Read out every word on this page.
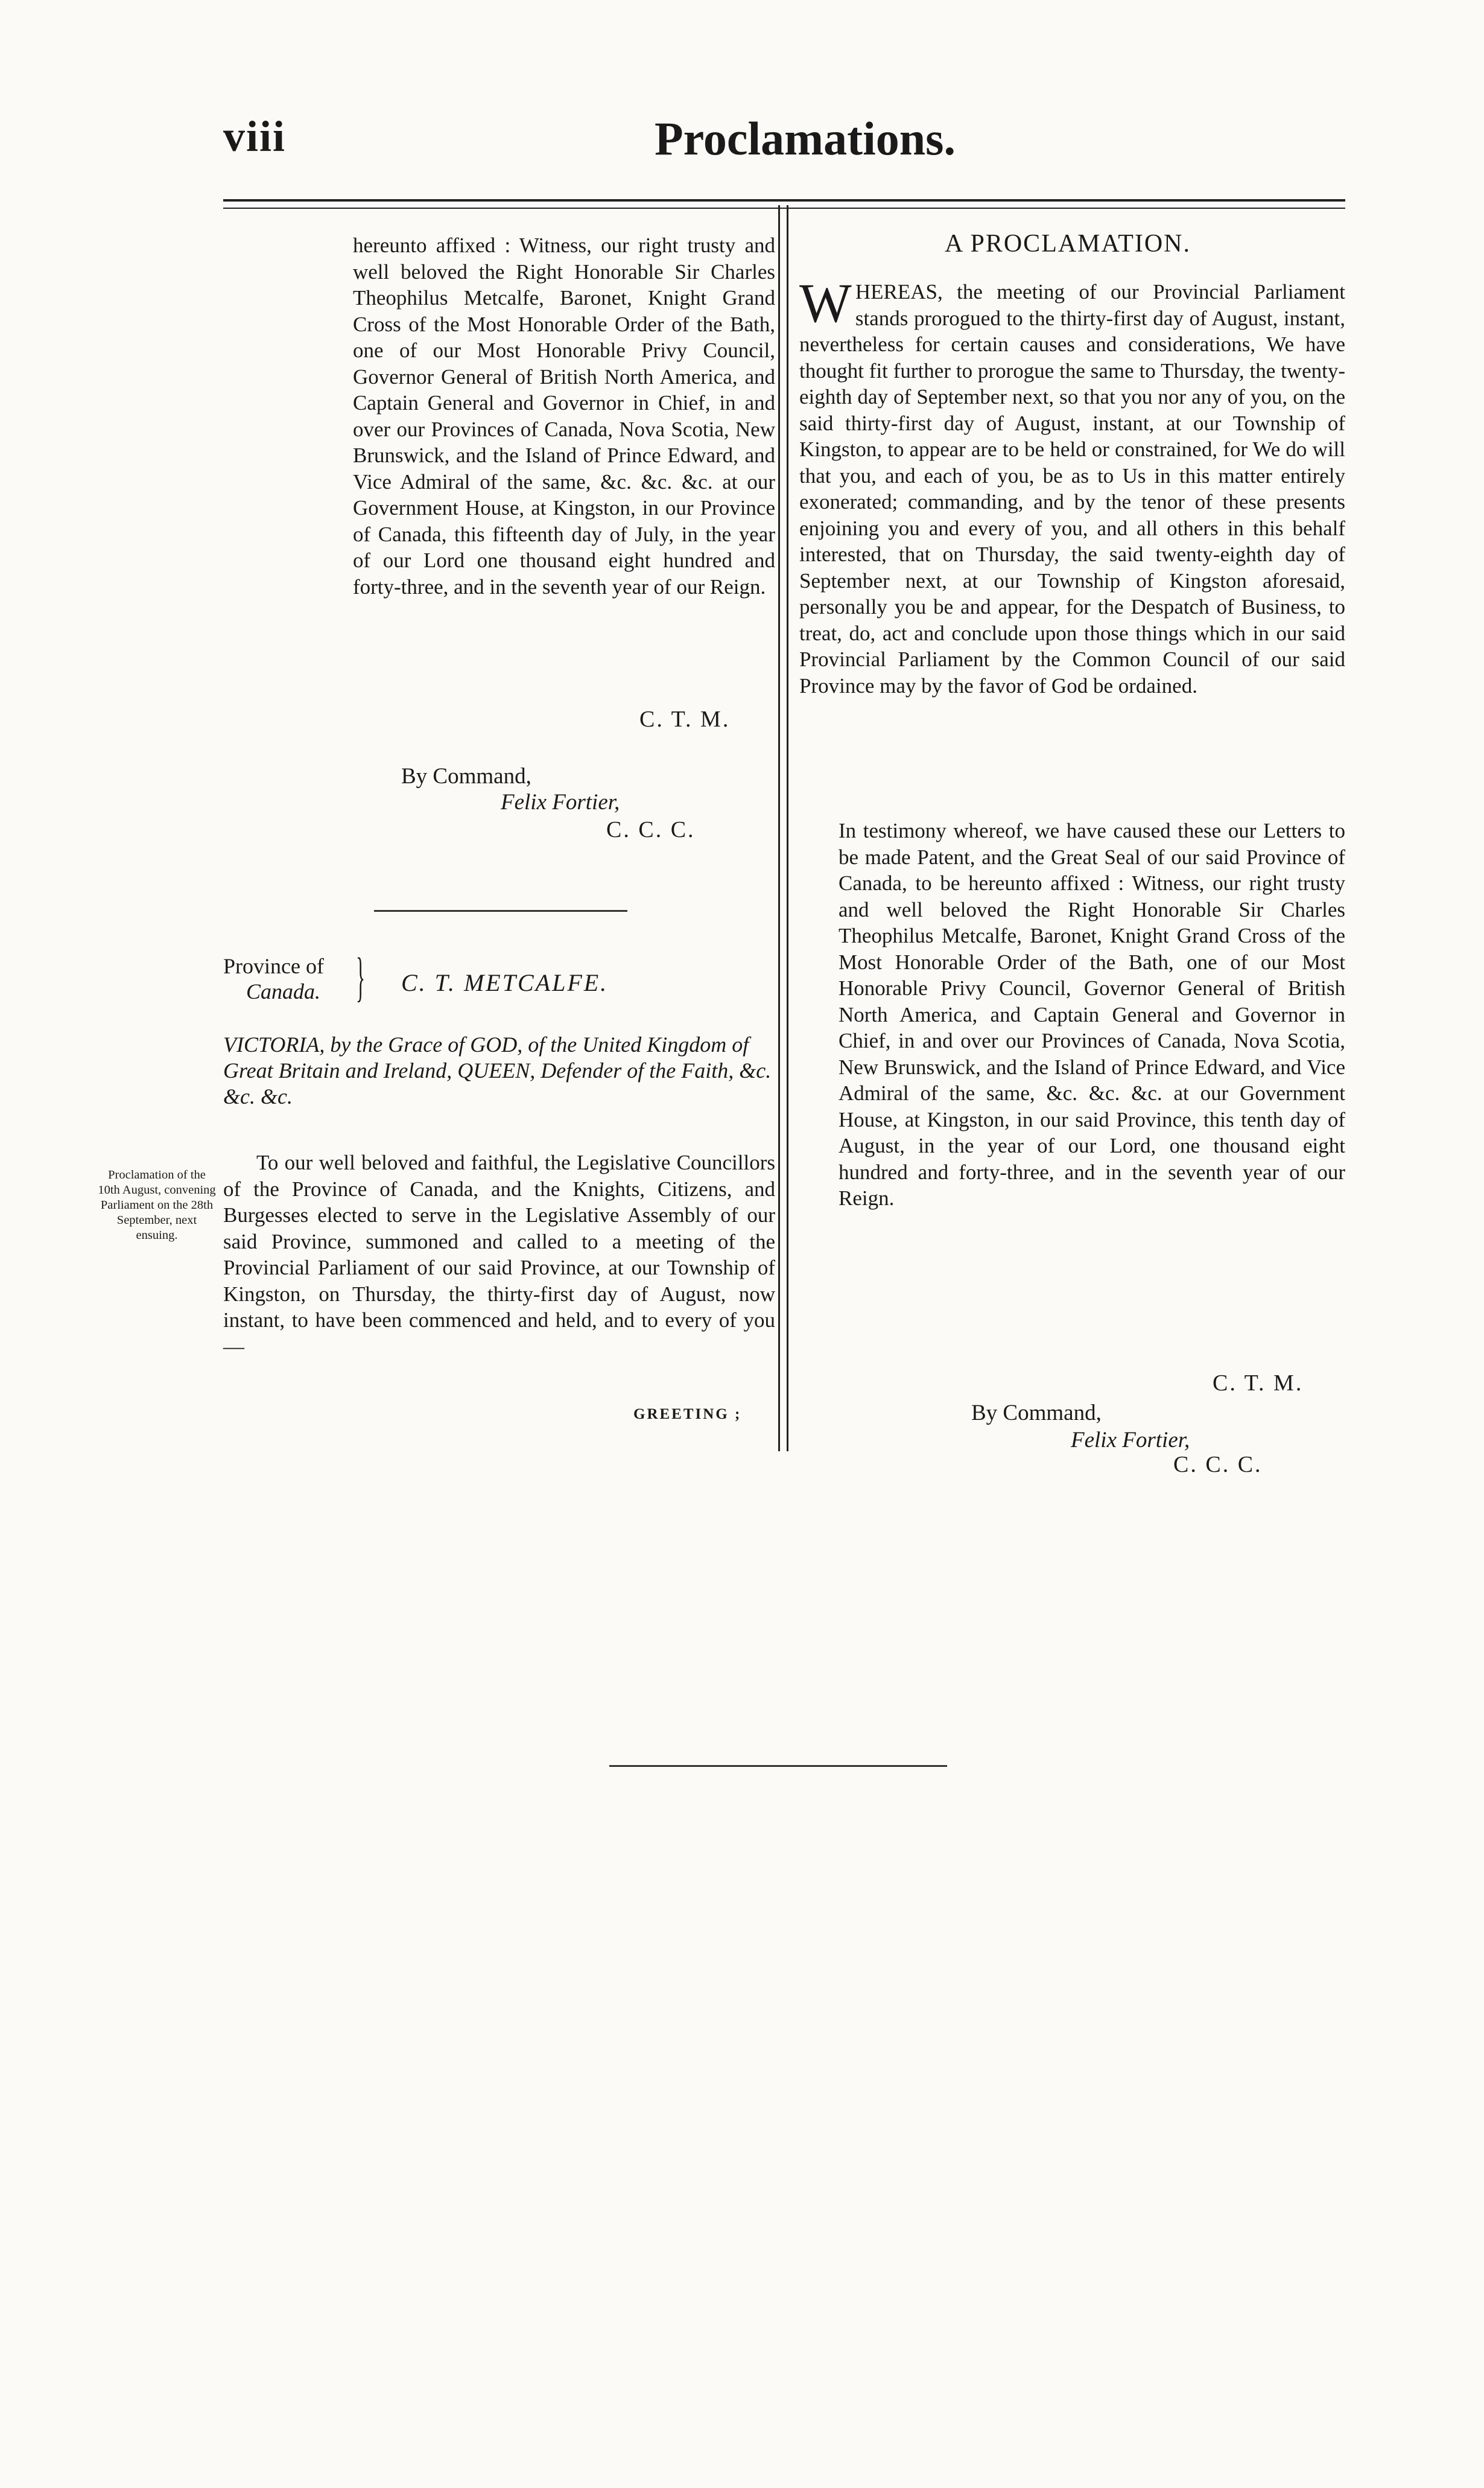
viii	Proclamations.

hereunto affixed : Witness, our right trusty and well beloved the Right Honorable Sir Charles Theophilus Metcalfe, Baronet, Knight Grand Cross of the Most Honorable Order of the Bath, one of our Most Honorable Privy Council, Governor General of British North America, and Captain General and Governor in Chief, in and over our Provinces of Canada, Nova Scotia, New Brunswick, and the Island of Prince Edward, and Vice Admiral of the same, &c. &c. &c. at our Government House, at Kingston, in our Province of Canada, this fifteenth day of July, in the year of our Lord one thousand eight hundred and forty-three, and in the seventh year of our Reign.

C. T. M.
By Command,
Felix Fortier,
C. C. C.
Province of
Canada. } C. T. METCALFE.
VICTORIA, by the Grace of GOD, of the United Kingdom of Great Britain and Ireland, QUEEN, Defender of the Faith, &c. &c. &c.
Proclamation of the 10th August, convening Parliament on the 28th September, next ensuing.

To our well beloved and faithful, the Legislative Councillors of the Province of Canada, and the Knights, Citizens, and Burgesses elected to serve in the Legislative Assembly of our said Province, summoned and called to a meeting of the Provincial Parliament of our said Province, at our Township of Kingston, on Thursday, the thirty-first day of August, now instant, to have been commenced and held, and to every of you—

GREETING ;
A PROCLAMATION.

WHEREAS, the meeting of our Provincial Parliament stands prorogued to the thirty-first day of August, instant, nevertheless for certain causes and considerations, We have thought fit further to prorogue the same to Thursday, the twenty-eighth day of September next, so that you nor any of you, on the said thirty-first day of August, instant, at our Township of Kingston, to appear are to be held or constrained, for We do will that you, and each of you, be as to Us in this matter entirely exonerated; commanding, and by the tenor of these presents enjoining you and every of you, and all others in this behalf interested, that on Thursday, the said twenty-eighth day of September next, at our Township of Kingston aforesaid, personally you be and appear, for the Despatch of Business, to treat, do, act and conclude upon those things which in our said Provincial Parliament by the Common Council of our said Province may by the favor of God be ordained.

In testimony whereof, we have caused these our Letters to be made Patent, and the Great Seal of our said Province of Canada, to be hereunto affixed : Witness, our right trusty and well beloved the Right Honorable Sir Charles Theophilus Metcalfe, Baronet, Knight Grand Cross of the Most Honorable Order of the Bath, one of our Most Honorable Privy Council, Governor General of British North America, and Captain General and Governor in Chief, in and over our Provinces of Canada, Nova Scotia, New Brunswick, and the Island of Prince Edward, and Vice Admiral of the same, &c. &c. &c. at our Government House, at Kingston, in our said Province, this tenth day of August, in the year of our Lord, one thousand eight hundred and forty-three, and in the seventh year of our Reign.

C. T. M.
By Command,
Felix Fortier,
C. C. C.
